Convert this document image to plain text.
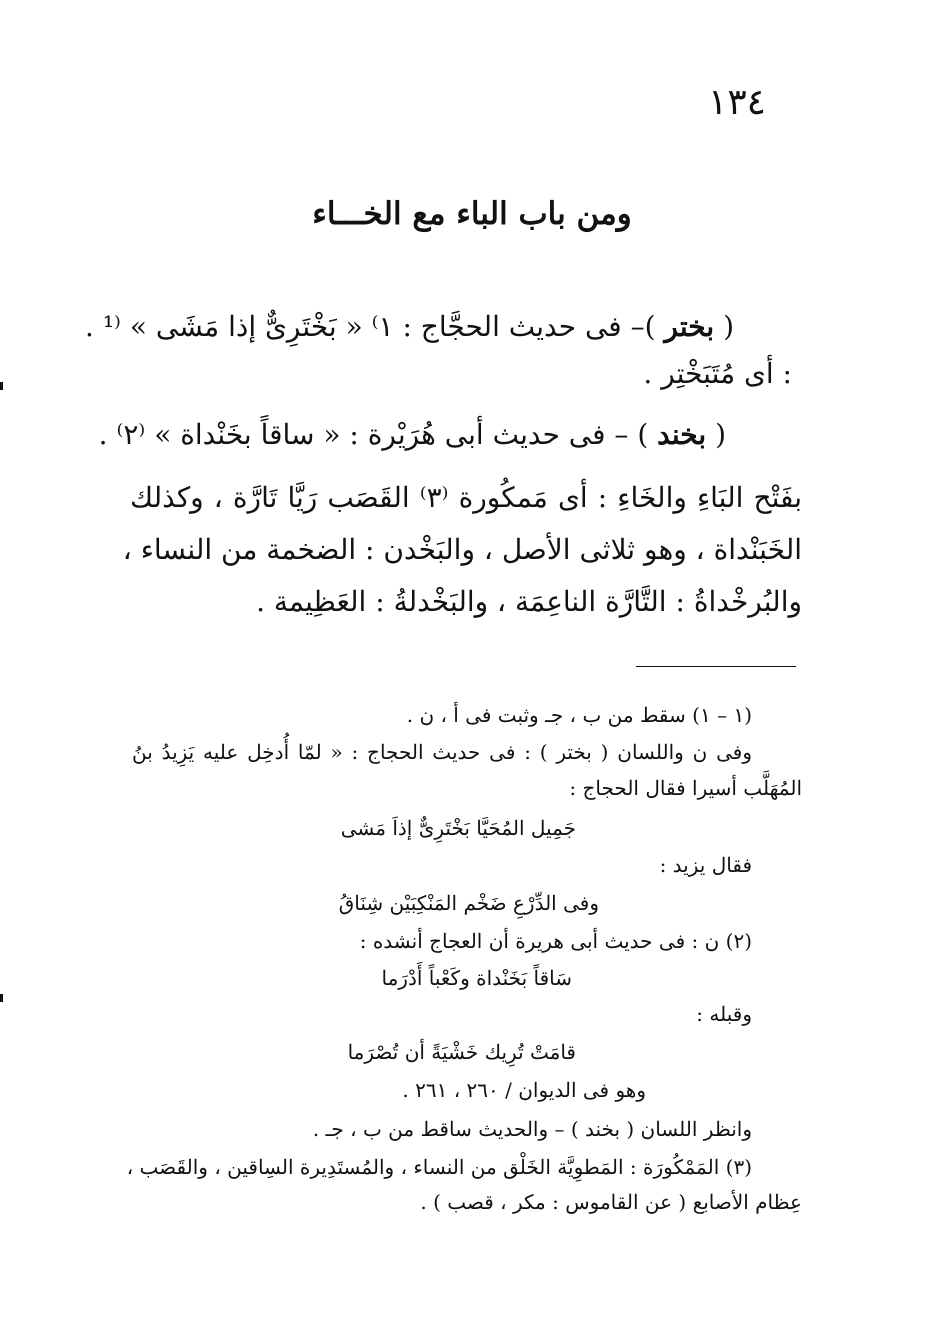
١٣٤
ومن باب الباء مع الخـــاء
( بختر )– فى حديث الحجَّاج : ⁨⁽١⁩ « بَخْتَرِىٌّ إذا مَشَى » ⁨¹⁾⁩ .
: أى مُتَبَخْتِر .
( بخند ) – فى حديث أبى هُرَيْرة : « ساقاً بخَنْداة » ⁨⁽٢⁾⁩ .
بفَتْح البَاءِ والخَاءِ : أى مَمكُورة ⁽٣⁾ القَصَب رَيَّا تَارَّة ، وكذلك
الخَبَنْداة ، وهو ثلاثى الأصل ، والبَخْدن : الضخمة من النساء ،
والبُرخْداةُ : التَّارَّة الناعِمَة ، والبَخْدلةُ : العَظِيمة .
(١ – ١) سقط من ب ، جـ وثبت فى أ ، ن .
وفى ن واللسان ( بختر ) : فى حديث الحجاج : « لمّا أُدخِل عليه يَزِيدُ بنُ
المُهَلَّب أسيرا فقال الحجاج :
جَمِيل المُحَيَّا بَخْتَرِىٌّ إذاَ مَشى
فقال يزيد :
وفى الدِّرْعِ ضَخْم المَنْكِبَيْن شِنَاقُ
(٢) ن : فى حديث أبى هريرة أن العجاج أنشده :
سَاقاً بَخَنْداة وكَعْباً أَدْرَما
وقبله :
قامَتْ تُرِيك خَشْيَةً أن تُصْرَما
وهو فى الديوان / ٢٦٠ ، ٢٦١ .
وانظر اللسان ( بخند ) – والحديث ساقط من ب ، جـ .
(٣) المَمْكُورَة : المَطوِيَّة الخَلْق من النساء ، والمُستَدِيرة السِاقين ، والقَصَب ،
عِظام الأصابع ( عن القاموس : مكر ، قصب ) .
